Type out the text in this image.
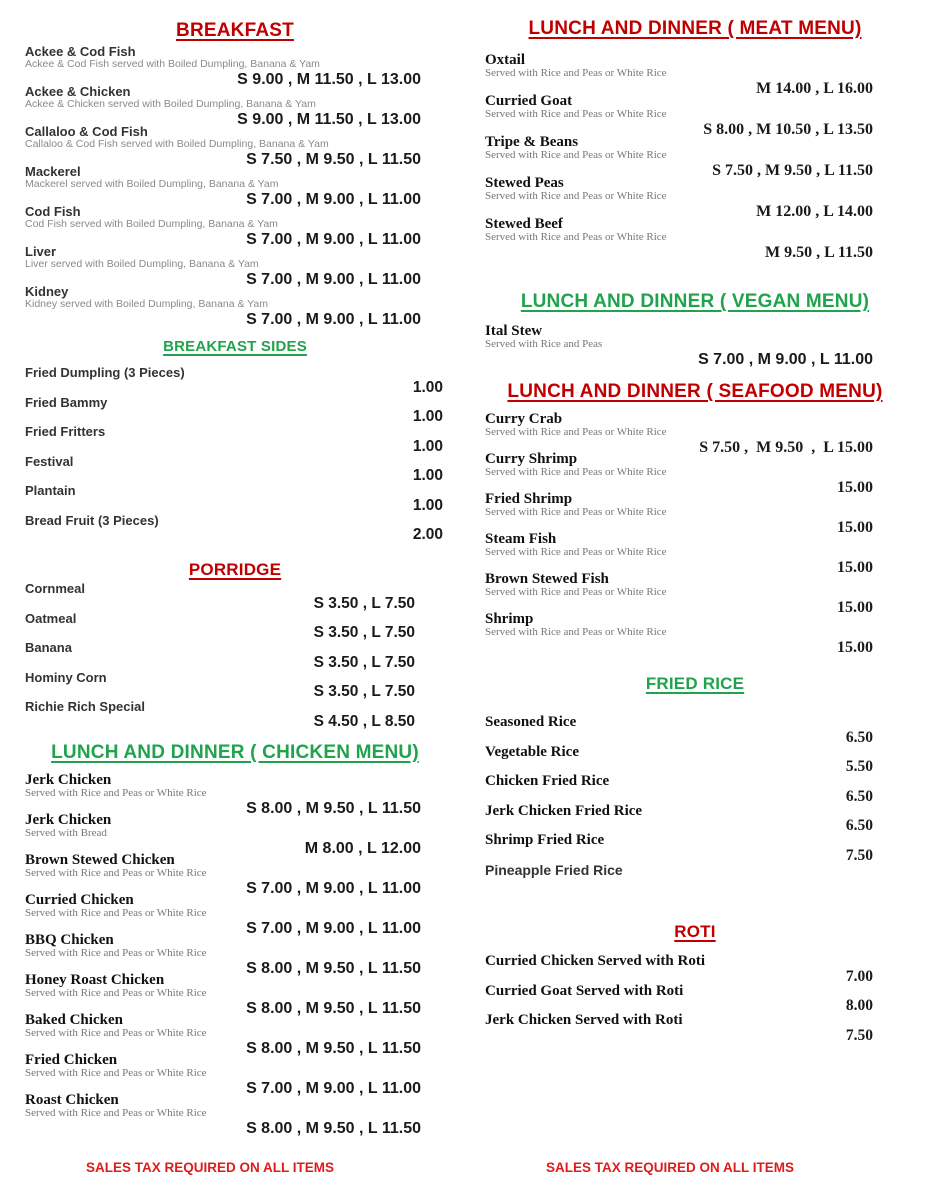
BREAKFAST
Ackee & Cod Fish
Ackee & Cod Fish served with Boiled Dumpling, Banana & Yam
S 9.00 , M 11.50 , L 13.00
Ackee & Chicken
Ackee & Chicken served with Boiled Dumpling, Banana & Yam
S 9.00 , M 11.50 , L 13.00
Callaloo & Cod Fish
Callaloo & Cod Fish served with Boiled Dumpling, Banana & Yam
S 7.50 , M 9.50 , L 11.50
Mackerel
Mackerel served with Boiled Dumpling, Banana & Yam
S 7.00 , M 9.00 , L 11.00
Cod Fish
Cod Fish served with Boiled Dumpling, Banana & Yam
S 7.00 , M 9.00 , L 11.00
Liver
Liver served with Boiled Dumpling, Banana & Yam
S 7.00 , M 9.00 , L 11.00
Kidney
Kidney served with Boiled Dumpling, Banana & Yam
S 7.00 , M 9.00 , L 11.00
BREAKFAST SIDES
Fried Dumpling (3 Pieces)
1.00
Fried Bammy
1.00
Fried Fritters
1.00
Festival
1.00
Plantain
1.00
Bread Fruit (3 Pieces)
2.00
PORRIDGE
Cornmeal
S 3.50 , L 7.50
Oatmeal
S 3.50 , L 7.50
Banana
S 3.50 , L 7.50
Hominy Corn
S 3.50 , L 7.50
Richie Rich Special
S 4.50 , L 8.50
LUNCH AND DINNER ( CHICKEN MENU)
Jerk Chicken
Served with Rice and Peas or White Rice
S 8.00 , M 9.50 , L 11.50
Jerk Chicken
Served with Bread
M 8.00 , L 12.00
Brown Stewed Chicken
Served with Rice and Peas or White Rice
S 7.00 , M 9.00 , L 11.00
Curried Chicken
Served with Rice and Peas or White Rice
S 7.00 , M 9.00 , L 11.00
BBQ Chicken
Served with Rice and Peas or White Rice
S 8.00 , M 9.50 , L 11.50
Honey Roast Chicken
Served with Rice and Peas or White Rice
S 8.00 , M 9.50 , L 11.50
Baked Chicken
Served with Rice and Peas or White Rice
S 8.00 , M 9.50 , L 11.50
Fried Chicken
Served with Rice and Peas or White Rice
S 7.00 , M 9.00 , L 11.00
Roast Chicken
Served with Rice and Peas or White Rice
S 8.00 , M 9.50 , L 11.50
LUNCH AND DINNER ( MEAT MENU)
Oxtail
Served with Rice and Peas or White Rice
M 14.00 , L 16.00
Curried Goat
Served with Rice and Peas or White Rice
S 8.00 , M 10.50 , L 13.50
Tripe & Beans
Served with Rice and Peas or White Rice
S 7.50 , M 9.50 , L 11.50
Stewed Peas
Served with Rice and Peas or White Rice
M 12.00 , L 14.00
Stewed Beef
Served with Rice and Peas or White Rice
M 9.50 , L 11.50
LUNCH AND DINNER ( VEGAN MENU)
Ital Stew
Served with Rice and Peas
S 7.00 , M 9.00 , L 11.00
LUNCH AND DINNER ( SEAFOOD MENU)
Curry Crab
Served with Rice and Peas or White Rice
S 7.50 ,  M 9.50  ,  L 15.00
Curry Shrimp
Served with Rice and Peas or White Rice
15.00
Fried Shrimp
Served with Rice and Peas or White Rice
15.00
Steam Fish
Served with Rice and Peas or White Rice
15.00
Brown Stewed Fish
Served with Rice and Peas or White Rice
15.00
Shrimp
Served with Rice and Peas or White Rice
15.00
FRIED RICE
Seasoned Rice
6.50
Vegetable Rice
5.50
Chicken Fried Rice
6.50
Jerk Chicken Fried Rice
6.50
Shrimp Fried Rice
7.50
Pineapple Fried Rice
ROTI
Curried Chicken Served with Roti
7.00
Curried Goat Served with Roti
8.00
Jerk Chicken Served with Roti
7.50
SALES TAX REQUIRED ON ALL ITEMS	SALES TAX REQUIRED ON ALL ITEMS
